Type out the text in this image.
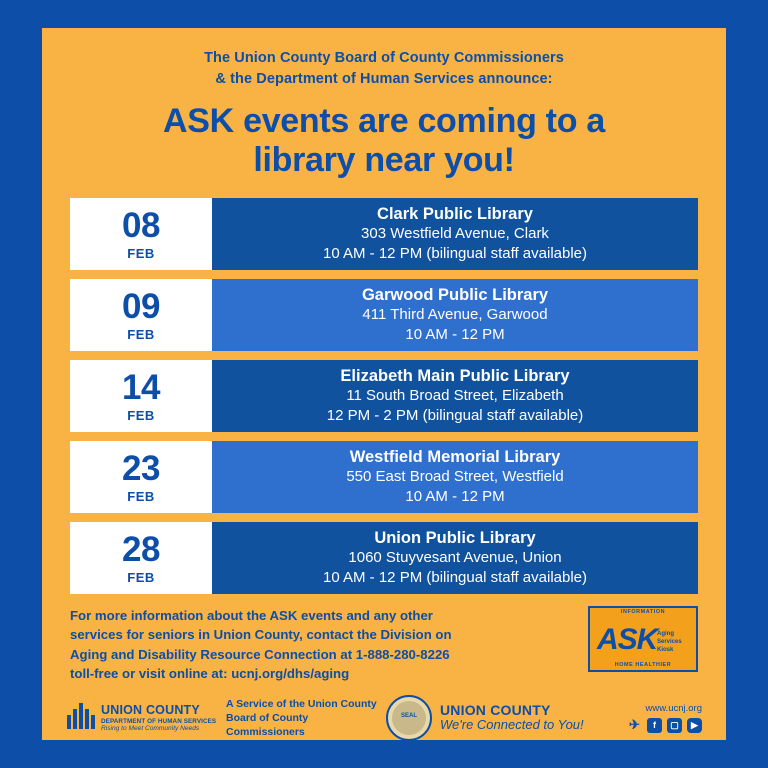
The Union County Board of County Commissioners
& the Department of Human Services announce:
ASK events are coming to a
library near you!
08
FEB
Clark Public Library
303 Westfield Avenue, Clark
10 AM - 12 PM (bilingual staff available)
09
FEB
Garwood Public Library
411 Third Avenue, Garwood
10 AM - 12 PM
14
FEB
Elizabeth Main Public Library
11 South Broad Street, Elizabeth
12 PM - 2 PM (bilingual staff available)
23
FEB
Westfield Memorial Library
550 East Broad Street, Westfield
10 AM - 12 PM
28
FEB
Union Public Library
1060 Stuyvesant Avenue, Union
10 AM - 12 PM (bilingual staff available)
For more information about the ASK events and any other
services for seniors in Union County, contact the Division on
Aging and Disability Resource Connection at 1-888-280-8226
toll-free or visit online at: ucnj.org/dhs/aging
INFORMATION
ASK Aging
Services
Kiosk
HOME HEALTHIER
UNION COUNTY
DEPARTMENT OF HUMAN SERVICES
Rising to Meet Community Needs
A Service of the Union County
Board of County Commissioners
SEAL	UNION COUNTY
We're Connected to You!
www.ucnj.org
✈	f	▢	▶
